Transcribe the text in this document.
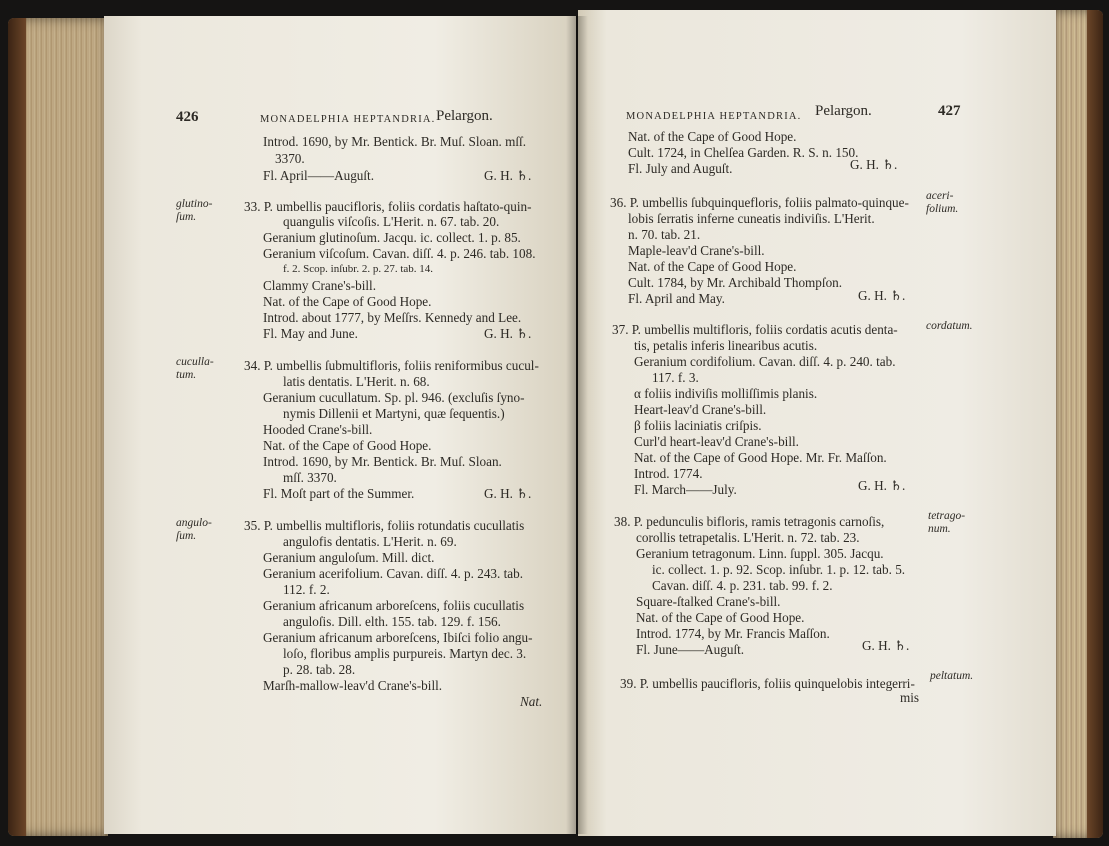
426	MONADELPHIA HEPTANDRIA. Pelargon.
glutino-
ſum.
cuculla-
tum.
angulo-
ſum.
Introd. 1690, by Mr. Bentick. Br. Muſ. Sloan. mſſ.
3370.
Fl. April——Auguſt.	G. H. ♄.
33. P. umbellis paucifloris, foliis cordatis haſtato-quin-
quangulis viſcoſis. L'Herit. n. 67. tab. 20.
Geranium glutinoſum. Jacqu. ic. collect. 1. p. 85.
Geranium viſcoſum. Cavan. diſſ. 4. p. 246. tab. 108.
f. 2. Scop. inſubr. 2. p. 27. tab. 14.
Clammy Crane's-bill.
Nat. of the Cape of Good Hope.
Introd. about 1777, by Meſſrs. Kennedy and Lee.
Fl. May and June.	G. H. ♄.
34. P. umbellis ſubmultifloris, foliis reniformibus cucul-
latis dentatis. L'Herit. n. 68.
Geranium cucullatum. Sp. pl. 946. (excluſis ſyno-
nymis Dillenii et Martyni, quæ ſequentis.)
Hooded Crane's-bill.
Nat. of the Cape of Good Hope.
Introd. 1690, by Mr. Bentick. Br. Muſ. Sloan.
mſſ. 3370.
Fl. Moſt part of the Summer.	G. H. ♄.
35. P. umbellis multifloris, foliis rotundatis cucullatis
angulofis dentatis. L'Herit. n. 69.
Geranium anguloſum. Mill. dict.
Geranium acerifolium. Cavan. diſſ. 4. p. 243. tab.
112. f. 2.
Geranium africanum arboreſcens, foliis cucullatis
anguloſis. Dill. elth. 155. tab. 129. f. 156.
Geranium africanum arboreſcens, Ibiſci folio angu-
loſo, floribus amplis purpureis. Martyn dec. 3.
p. 28. tab. 28.
Marſh-mallow-leav'd Crane's-bill.
Nat.
MONADELPHIA HEPTANDRIA. Pelargon.	427
aceri-
folium.
cordatum.
tetrago-
num.
peltatum.
Nat. of the Cape of Good Hope.
Cult. 1724, in Chelſea Garden. R. S. n. 150.
Fl. July and Auguſt.	G. H. ♄.
36. P. umbellis ſubquinquefloris, foliis palmato-quinque-
lobis ſerratis inferne cuneatis indiviſis. L'Herit.
n. 70. tab. 21.
Maple-leav'd Crane's-bill.
Nat. of the Cape of Good Hope.
Cult. 1784, by Mr. Archibald Thompſon.
Fl. April and May.	G. H. ♄.
37. P. umbellis multifloris, foliis cordatis acutis denta-
tis, petalis inferis linearibus acutis.
Geranium cordifolium. Cavan. diſſ. 4. p. 240. tab.
117. f. 3.
α foliis indiviſis molliſſimis planis.
Heart-leav'd Crane's-bill.
β foliis laciniatis criſpis.
Curl'd heart-leav'd Crane's-bill.
Nat. of the Cape of Good Hope. Mr. Fr. Maſſon.
Introd. 1774.
Fl. March——July.	G. H. ♄.
38. P. pedunculis bifloris, ramis tetragonis carnoſis,
corollis tetrapetalis. L'Herit. n. 72. tab. 23.
Geranium tetragonum. Linn. ſuppl. 305. Jacqu.
ic. collect. 1. p. 92. Scop. inſubr. 1. p. 12. tab. 5.
Cavan. diſſ. 4. p. 231. tab. 99. f. 2.
Square-ſtalked Crane's-bill.
Nat. of the Cape of Good Hope.
Introd. 1774, by Mr. Francis Maſſon.
Fl. June——Auguſt.	G. H. ♄.
39. P. umbellis paucifloris, foliis quinquelobis integerri-
mis
